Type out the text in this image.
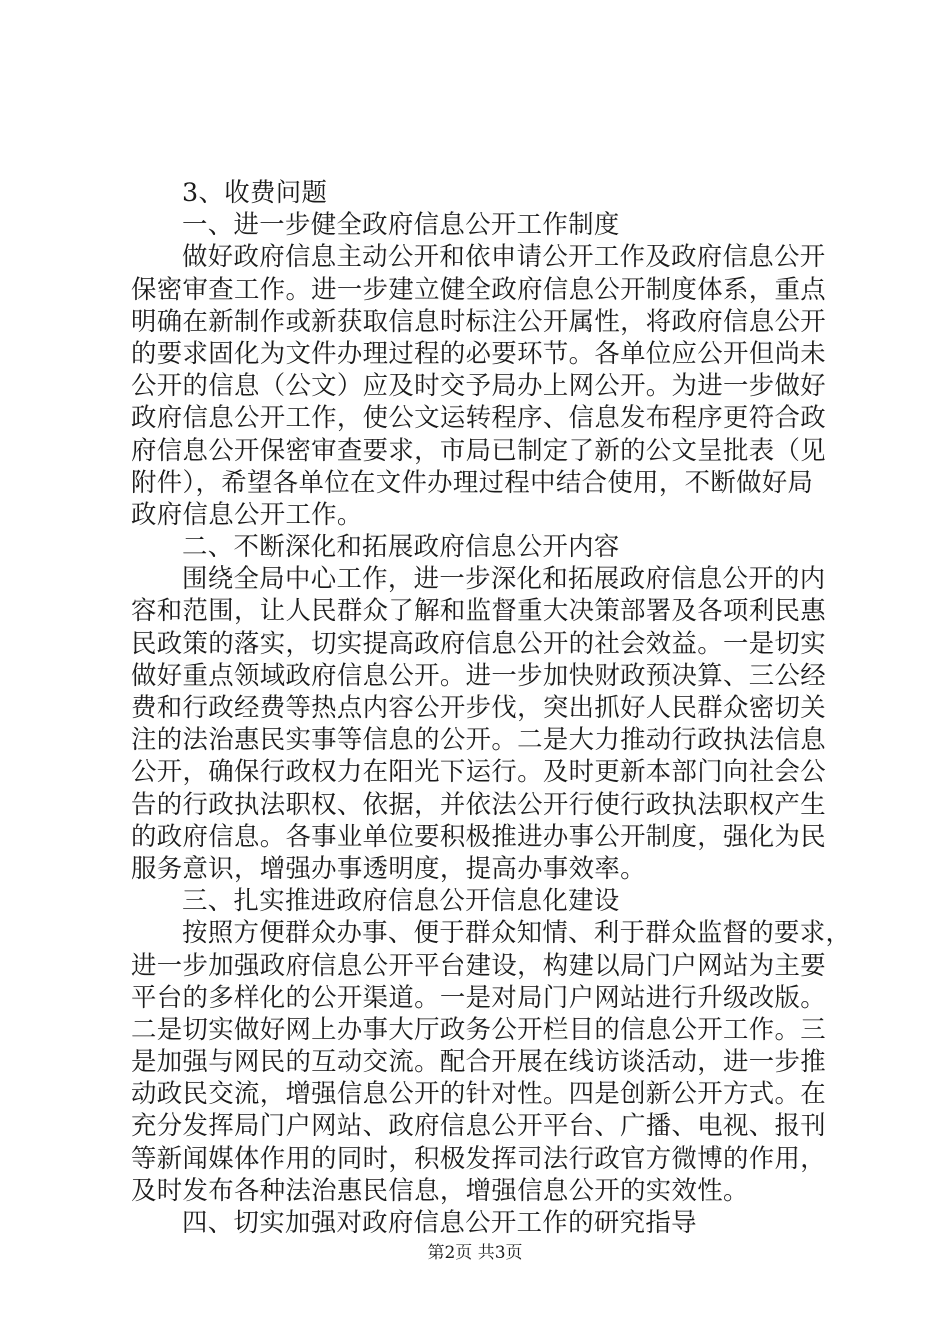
3、收费问题
一、进一步健全政府信息公开工作制度
做好政府信息主动公开和依申请公开工作及政府信息公开
保密审查工作。进一步建立健全政府信息公开制度体系，重点
明确在新制作或新获取信息时标注公开属性，将政府信息公开
的要求固化为文件办理过程的必要环节。各单位应公开但尚未
公开的信息（公文）应及时交予局办上网公开。为进一步做好
政府信息公开工作，使公文运转程序、信息发布程序更符合政
府信息公开保密审查要求，市局已制定了新的公文呈批表（见
附件），希望各单位在文件办理过程中结合使用，不断做好局
政府信息公开工作。
二、不断深化和拓展政府信息公开内容
围绕全局中心工作，进一步深化和拓展政府信息公开的内
容和范围，让人民群众了解和监督重大决策部署及各项利民惠
民政策的落实，切实提高政府信息公开的社会效益。一是切实
做好重点领域政府信息公开。进一步加快财政预决算、三公经
费和行政经费等热点内容公开步伐，突出抓好人民群众密切关
注的法治惠民实事等信息的公开。二是大力推动行政执法信息
公开，确保行政权力在阳光下运行。及时更新本部门向社会公
告的行政执法职权、依据，并依法公开行使行政执法职权产生
的政府信息。各事业单位要积极推进办事公开制度，强化为民
服务意识，增强办事透明度，提高办事效率。
三、扎实推进政府信息公开信息化建设
按照方便群众办事、便于群众知情、利于群众监督的要求，
进一步加强政府信息公开平台建设，构建以局门户网站为主要
平台的多样化的公开渠道。一是对局门户网站进行升级改版。
二是切实做好网上办事大厅政务公开栏目的信息公开工作。三
是加强与网民的互动交流。配合开展在线访谈活动，进一步推
动政民交流，增强信息公开的针对性。四是创新公开方式。在
充分发挥局门户网站、政府信息公开平台、广播、电视、报刊
等新闻媒体作用的同时，积极发挥司法行政官方微博的作用，
及时发布各种法治惠民信息，增强信息公开的实效性。
四、切实加强对政府信息公开工作的研究指导
第2页 共3页
